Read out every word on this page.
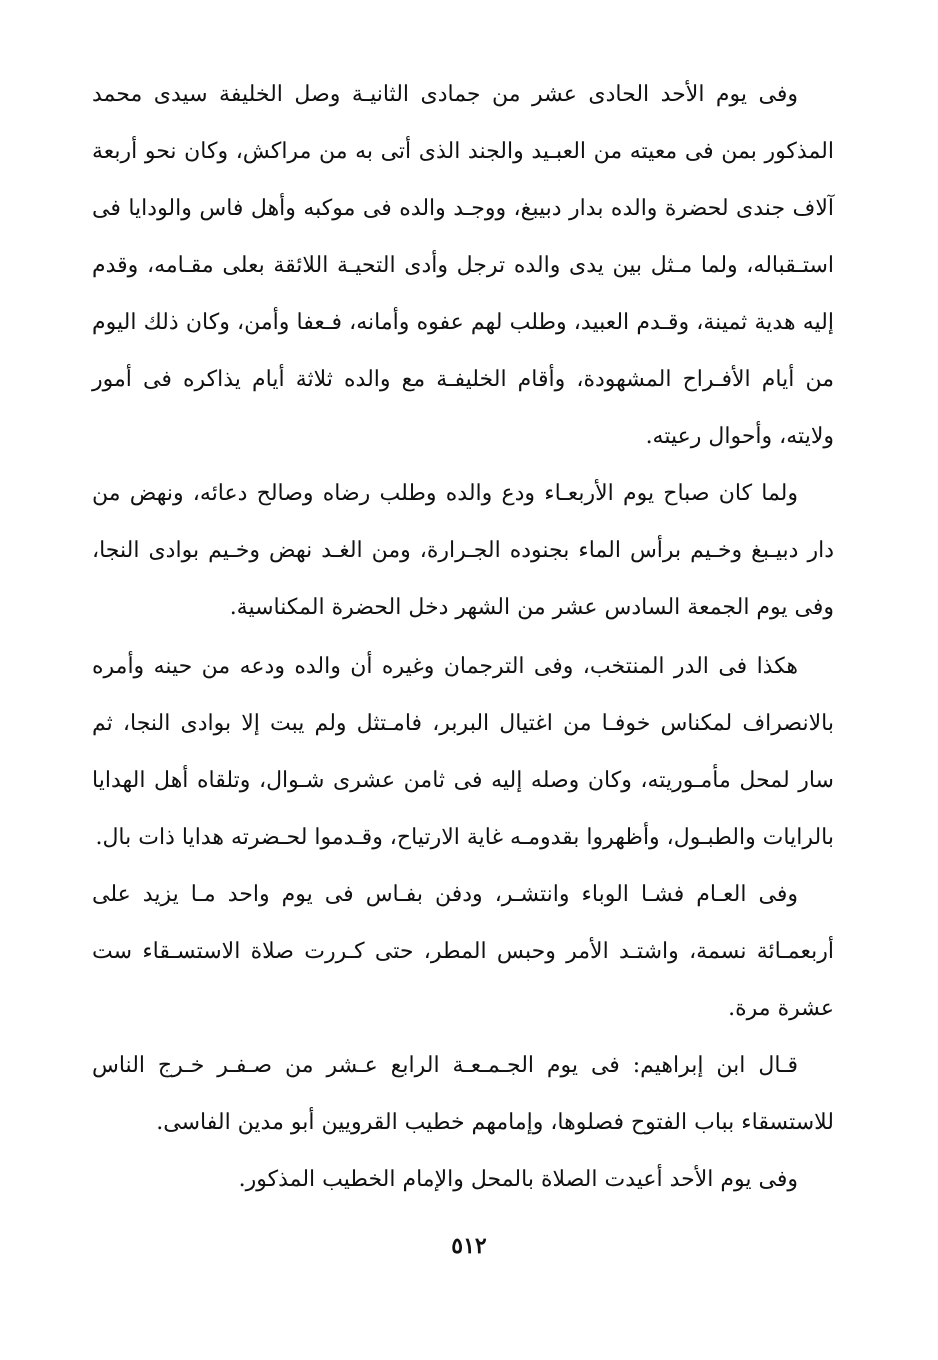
وفى يوم الأحد الحادى عشر من جمادى الثانيـة وصل الخليفة سيدى محمد المذكور بمن فى معيته من العبـيد والجند الذى أتى به من مراكش، وكان نحو أربعة آلاف جندى لحضرة والده بدار دبيبغ، ووجـد والده فى موكبه وأهل فاس والودايا فى استـقباله، ولما مـثل بين يدى والده ترجل وأدى التحيـة اللائقة بعلى مقـامه، وقدم إليه هدية ثمينة، وقـدم العبيد، وطلب لهم عفوه وأمانه، فـعفا وأمن، وكان ذلك اليوم من أيام الأفـراح المشهودة، وأقام الخليفـة مع والده ثلاثة أيام يذاكره فى أمور ولايته، وأحوال رعيته.

ولما كان صباح يوم الأربعـاء ودع والده وطلب رضاه وصالح دعائه، ونهض من دار دبيـبغ وخـيم برأس الماء بجنوده الجـرارة، ومن الغـد نهض وخـيم بوادى النجا، وفى يوم الجمعة السادس عشر من الشهر دخل الحضرة المكناسية.

هكذا فى الدر المنتخب، وفى الترجمان وغيره أن والده ودعه من حينه وأمره بالانصراف لمكناس خوفـا من اغتيال البربر، فامـتثل ولم يبت إلا بوادى النجا، ثم سار لمحل مأمـوريته، وكان وصله إليه فى ثامن عشرى شـوال، وتلقاه أهل الهدايا بالرايات والطبـول، وأظهروا بقدومـه غاية الارتياح، وقـدموا لحـضرته هدايا ذات بال.

وفى العـام فشـا الوباء وانتشـر، ودفن بفـاس فى يوم واحد مـا يزيد على أربعمـائة نسمة، واشتـد الأمر وحبس المطر، حتى كـررت صلاة الاستسـقاء ست عشرة مرة.

قـال ابن إبراهيم: فى يوم الجـمـعـة الرابع عـشر من صـفـر خـرج الناس للاستسقاء بباب الفتوح فصلوها، وإمامهم خطيب القرويين أبو مدين الفاسى.

وفى يوم الأحد أعيدت الصلاة بالمحل والإمام الخطيب المذكور.

٥١٢
